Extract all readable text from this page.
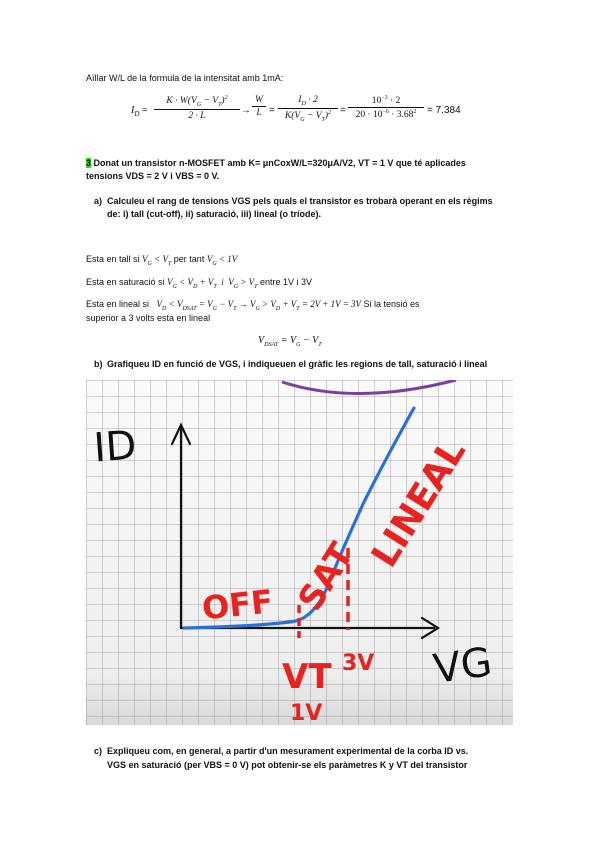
Aïllar W/L de la formula de la intensitat amb 1mA:
$I_D = \frac{K \cdot W(V_G - V_T)^2}{2 \cdot L} \to \frac{W}{L} = \frac{I_D \cdot 2}{K(V_G - V_T)^2} = \frac{10^{-3} \cdot 2}{20 \cdot 10^{-6} \cdot 3.68^2} = 7.384$
3 Donat un transistor n-MOSFET amb K= μnCoxW/L=320μA/V2, VT = 1 V que té aplicades
tensions VDS = 2 V i VBS = 0 V.
a) Calculeu el rang de tensions VGS pels quals el transistor es trobarà operant en els règims
de: i) tall (cut-off), ii) saturació, iii) lineal (o tríode).
Esta en tall si $V_G < V_T$ per tant $V_G < 1V$
Esta en saturació si $V_G < V_D + V_T$  i  $V_G > V_T$ entre 1V i 3V
Esta en lineal si   $V_D < V_{DSAT} = V_G - V_T \to V_G > V_D + V_T = 2V + 1V = 3V$ Si la tensió es
superior a 3 volts esta en lineal
$V_{DSAT} = V_G - V_T$
b) Grafiqueu ID en funció de VGS, i indiqueuen el gràfic les regions de tall, saturació i lineal
ID
VG
OFF SAT
LINEAL
VT
1V
3V
c) Expliqueu com, en general, a partir d'un mesurament experimental de la corba ID vs.
VGS en saturació (per VBS = 0 V) pot obtenir-se els paràmetres K y VT del transistor
